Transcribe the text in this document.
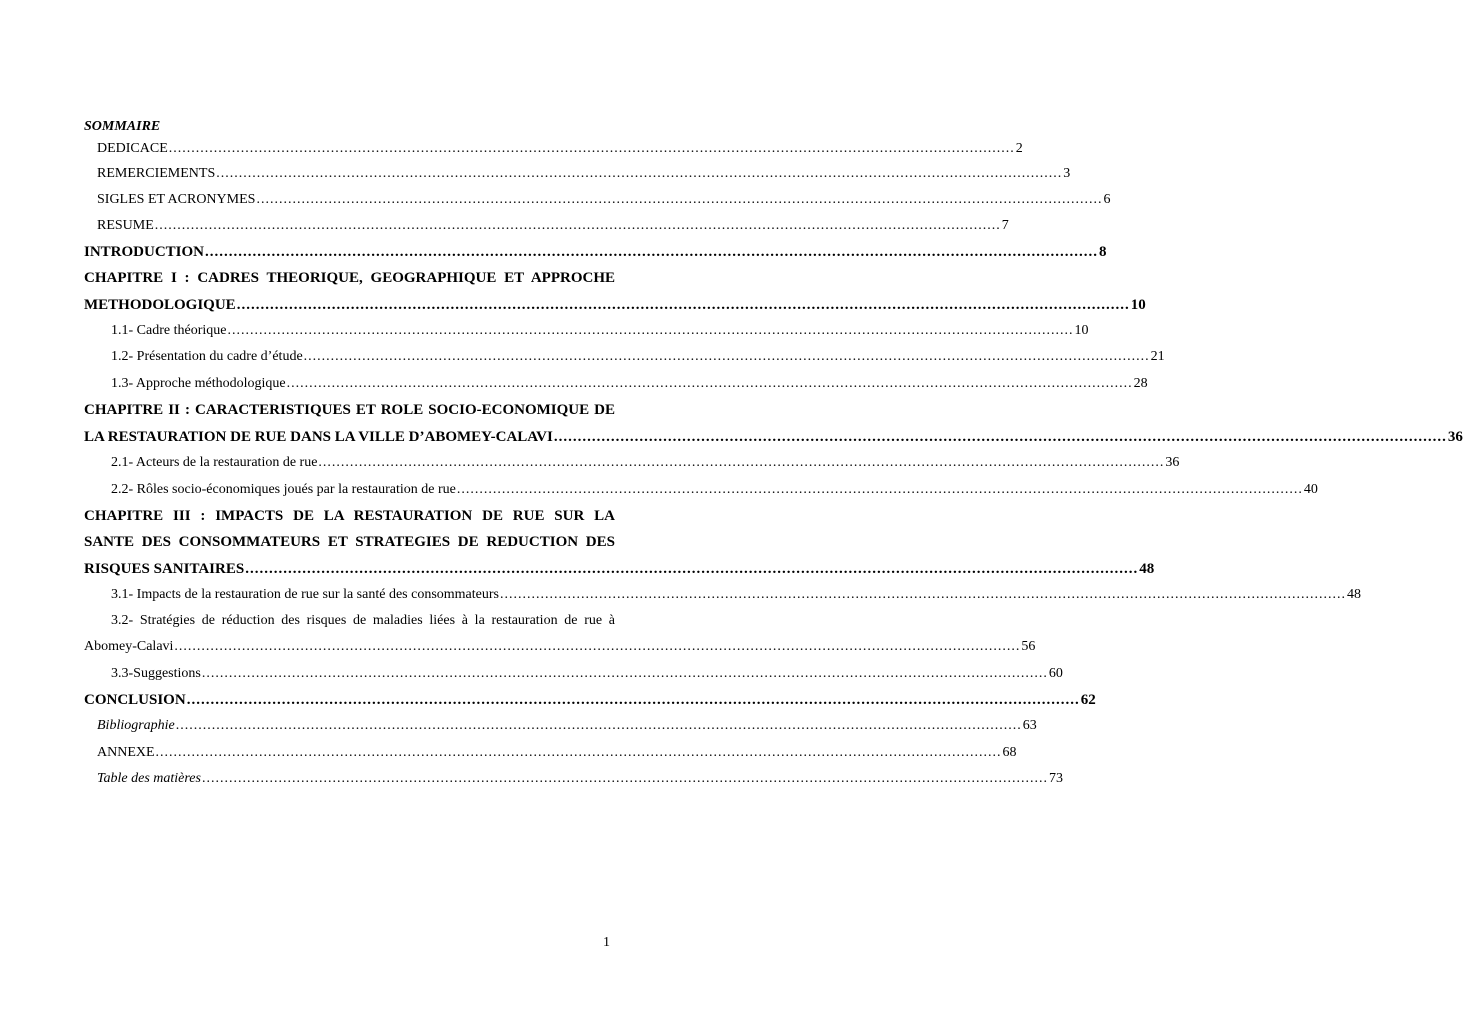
SOMMAIRE
DEDICACE ............................................................................................................................................................................................ 2
REMERCIEMENTS ............................................................................................................................................................................................ 3
SIGLES ET ACRONYMES ............................................................................................................................................................................................ 6
RESUME ............................................................................................................................................................................................ 7
INTRODUCTION ............................................................................................................................................................................................ 8
CHAPITRE I : CADRES THEORIQUE, GEOGRAPHIQUE ET APPROCHE
METHODOLOGIQUE ............................................................................................................................................................................................ 10
1.1- Cadre théorique ............................................................................................................................................................................................ 10
1.2- Présentation du cadre d’étude ............................................................................................................................................................................................ 21
1.3- Approche méthodologique ............................................................................................................................................................................................ 28
CHAPITRE II : CARACTERISTIQUES ET ROLE SOCIO-ECONOMIQUE DE
LA RESTAURATION DE RUE DANS LA VILLE D’ABOMEY-CALAVI ............................................................................................................................................................................................ 36
2.1- Acteurs de la restauration de rue ............................................................................................................................................................................................ 36
2.2- Rôles socio-économiques joués par la restauration de rue ............................................................................................................................................................................................ 40
CHAPITRE III : IMPACTS DE LA RESTAURATION DE RUE SUR LA
SANTE DES CONSOMMATEURS ET STRATEGIES DE REDUCTION DES
RISQUES SANITAIRES ............................................................................................................................................................................................ 48
3.1- Impacts de la restauration de rue sur la santé des consommateurs ............................................................................................................................................................................................ 48
3.2- Stratégies de réduction des risques de maladies liées à la restauration de rue à
Abomey-Calavi ............................................................................................................................................................................................ 56
3.3-Suggestions ............................................................................................................................................................................................ 60
CONCLUSION ............................................................................................................................................................................................ 62
Bibliographie ............................................................................................................................................................................................ 63
ANNEXE ............................................................................................................................................................................................ 68
Table des matières ............................................................................................................................................................................................ 73
1
